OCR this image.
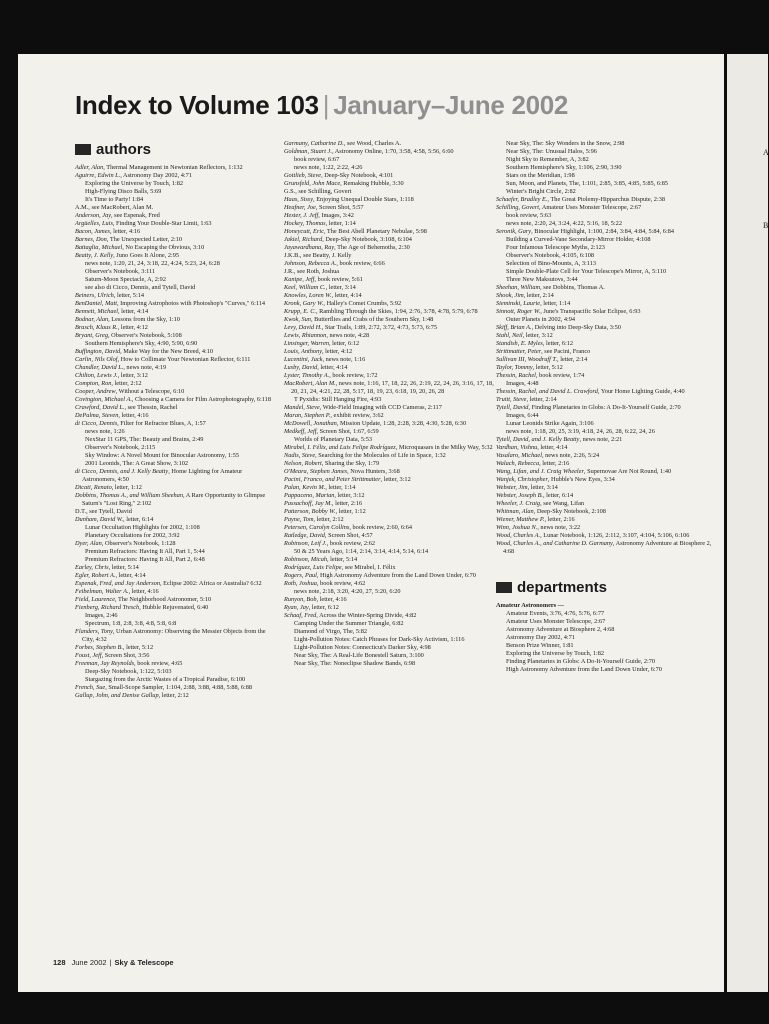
Index to Volume 103 | January–June 2002
authors
Adler, Alan, Thermal Management in Newtonian Reflectors, 1:132
Aguirre, Edwin L., Astronomy Day 2002, 4:71
Exploring the Universe by Touch, 1:82
High-Flying Disco Balls, 5:69
It's Time to Party! 1:84
A.M., see MacRobert, Alan M.
Anderson, Jay, see Espenak, Fred
Argüelles, Luis, Finding Your Double-Star Limit, 1:63
Bacon, James, letter, 4:16
Barnes, Don, The Unexpected Letter, 2:10
Battaglia, Michael, No Escaping the Obvious, 3:10
Beatty, J. Kelly, Juno Goes It Alone, 2:95
news note, 1:20, 21, 24, 3:18, 22, 4:24, 5:23, 24, 6:28
Observer's Notebook, 3:111
Saturn-Moon Spectacle, A, 2:92
see also di Cicco, Dennis, and Tytell, David
Beiners, Ulrich, letter, 5:14
BenDaniel, Matt, Improving Astrophotos with Photoshop's "Curves," 6:114
Bennett, Michael, letter, 4:14
Bodnar, Alan, Lessons from the Sky, 1:10
Brasch, Klaus R., letter, 4:12
Bryant, Greg, Observer's Notebook, 5:108
Southern Hemisphere's Sky, 4:90, 5:90, 6:90
Buffington, David, Make Way for the New Breed, 4:10
Carlin, Nils Olof, How to Collimate Your Newtonian Reflector, 6:111
Chandler, David L., news note, 4:19
Chilton, Lewis J., letter, 3:12
Compton, Ron, letter, 2:12
Cooper, Andrew, Without a Telescope, 6:10
Covington, Michael A., Choosing a Camera for Film Astrophotography, 6:118
Crawford, David L., see Thessin, Rachel
DePalma, Steven, letter, 4:16
di Cicco, Dennis, Filter for Refractor Blues, A, 1:57
news note, 1:26
NexStar 11 GPS, The: Beauty and Brains, 2:49
Observer's Notebook, 2:115
Sky Window: A Novel Mount for Binocular Astronomy, 1:55
2001 Leonids, The: A Great Show, 3:102
di Cicco, Dennis, and J. Kelly Beatty, Home Lighting for Amateur Astronomers, 4:50
Dicati, Renato, letter, 1:12
Dobbins, Thomas A., and William Sheehan, A Rare Opportunity to Glimpse Saturn's "Lost Ring," 2:102
D.T., see Tytell, David
Dunham, David W., letter, 6:14
Lunar Occultation Highlights for 2002, 1:108
Planetary Occultations for 2002, 3:92
Dyer, Alan, Observer's Notebook, 1:128
Premium Refractors: Having It All, Part 1, 5:44
Premium Refractors: Having It All, Part 2, 6:48
Earley, Chris, letter, 5:14
Egler, Robert A., letter, 4:14
Espenak, Fred, and Jay Anderson, Eclipse 2002: Africa or Australia? 6:32
Feibelman, Walter A., letter, 4:16
Field, Laurence, The Neighborhood Astronomer, 5:10
Fienberg, Richard Tresch, Hubble Rejuvenated, 6:40
Images, 2:46
Spectrum, 1:8, 2:8, 3:8, 4:8, 5:8, 6:8
Flanders, Tony, Urban Astronomy: Observing the Messier Objects from the City, 4:32
Forbes, Stephen B., letter, 5:12
Foust, Jeff, Screen Shot, 3:56
Freeman, Jay Reynolds, book review, 4:65
Deep-Sky Notebook, 1:122, 5:103
Stargazing from the Arctic Wastes of a Tropical Paradise, 6:100
French, Sue, Small-Scope Sampler, 1:104, 2:88, 3:88, 4:88, 5:88, 6:88
Gallup, John, and Denise Gallup, letter, 2:12
Garmany, Catharine D., see Wood, Charles A.
Goldman, Stuart J., Astronomy Online, 1:70, 3:58, 4:58, 5:56, 6:60
book review, 6:67
news note, 1:22, 2:22, 4:26
Gottlieb, Steve, Deep-Sky Notebook, 4:101
Grunsfeld, John Mace, Remaking Hubble, 3:30
G.S., see Schilling, Govert
Haas, Sissy, Enjoying Unequal Double Stars, 1:118
Heafner, Joe, Screen Shot, 5:57
Hester, J. Jeff, Images, 3:42
Hockey, Thomas, letter, 1:14
Honeycutt, Eric, The Best Abell Planetary Nebulae, 5:98
Jakiel, Richard, Deep-Sky Notebook, 3:108, 6:104
Jayawardhana, Ray, The Age of Behemoths, 2:30
J.K.B., see Beatty, J. Kelly
Johnson, Rebecca A., book review, 6:66
J.R., see Roth, Joshua
Kanipe, Jeff, book review, 5:61
Keel, William C., letter, 3:14
Knowles, Loren W., letter, 4:14
Kronk, Gary W., Halley's Comet Crumbs, 5:92
Krupp, E. C., Rambling Through the Skies, 1:94, 2:76, 3:78, 4:78, 5:79, 6:78
Kwok, Sun, Butterflies and Crabs of the Southern Sky, 1:48
Levy, David H., Star Trails, 1:89, 2:72, 3:72, 4:73, 5:73, 6:75
Lewis, Rhiannon, news note, 4:28
Linsinger, Warren, letter, 6:12
Louis, Anthony, letter, 4:12
Lucentini, Jack, news note, 1:16
Lusby, David, letter, 4:14
Lyster, Timothy A., book review, 1:72
MacRobert, Alan M., news note, 1:16, 17, 18, 22, 26, 2:19, 22, 24, 26, 3:16, 17, 18, 20, 21, 24, 4:21, 22, 28, 5:17, 18, 19, 23, 6:18, 19, 20, 26, 28
T Pyxidis: Still Hanging Fire, 4:93
Mandel, Steve, Wide-Field Imaging with CCD Cameras, 2:117
Maran, Stephen P., exhibit review, 3:62
McDowell, Jonathan, Mission Update, 1:28, 2:28, 3:28, 4:30, 5:28, 6:30
Medkeff, Jeff, Screen Shot, 1:67, 6:59
Worlds of Planetary Data, 5:53
Mirabel, I. Félix, and Luis Felipe Rodríguez, Microquasars in the Milky Way, 5:32
Nadis, Steve, Searching for the Molecules of Life in Space, 1:32
Nelson, Robert, Sharing the Sky, 1:79
O'Meara, Stephen James, Nova Hunters, 3:68
Pacini, Franco, and Peter Strittmatter, letter, 3:12
Palan, Kevin M., letter, 1:14
Pappaceno, Marian, letter, 3:12
Passachoff, Jay M., letter, 2:16
Patterson, Bobby W., letter, 1:12
Payne, Tom, letter, 2:12
Petersen, Carolyn Collins, book review, 2:60, 6:64
Ratledge, David, Screen Shot, 4:57
Robinson, Leif J., book review, 2:62
50 & 25 Years Ago, 1:14, 2:14, 3:14, 4:14, 5:14, 6:14
Robinson, Micah, letter, 5:14
Rodríguez, Luis Felipe, see Mirabel, I. Félix
Rogers, Paul, High Astronomy Adventure from the Land Down Under, 6:70
Roth, Joshua, book review, 4:62
news note, 2:18, 3:20, 4:20, 27, 5:20, 6:20
Runyon, Bob, letter, 4:16
Ryan, Jay, letter, 6:12
Schaaf, Fred, Across the Winter-Spring Divide, 4:82
Camping Under the Summer Triangle, 6:82
Diamond of Virgo, The, 5:82
Light-Pollution Notes: Catch Phrases for Dark-Sky Activism, 1:116
Light-Pollution Notes: Connecticut's Darker Sky, 4:98
Near Sky, The: A Real-Life Bonestell Saturn, 3:100
Near Sky, The: Noneclipse Shadow Bands, 6:98
Near Sky, The: Sky Wonders in the Snow, 2:98
Near Sky, The: Unusual Halos, 5:96
Night Sky to Remember, A, 3:82
Southern Hemisphere's Sky, 1:106, 2:90, 3:90
Stars on the Meridian, 1:98
Sun, Moon, and Planets, The, 1:101, 2:85, 3:85, 4:85, 5:85, 6:85
Winter's Bright Circle, 2:82
Schaefer, Bradley E., The Great Ptolemy-Hipparchus Dispute, 2:38
Schilling, Govert, Amateur Uses Monster Telescope, 2:67
book review, 5:63
news note, 2:20, 24, 3:24, 4:22, 5:16, 18, 5:22
Seronik, Gary, Binocular Highlight, 1:100, 2:84, 3:84, 4:84, 5:84, 6:84
Building a Curved-Vane Secondary-Mirror Holder, 4:108
Four Infamous Telescope Myths, 2:123
Observer's Notebook, 4:105, 6:108
Selection of Bino-Mounts, A, 3:113
Simple Double-Plate Cell for Your Telescope's Mirror, A, 5:110
Three New Maksutovs, 3:44
Sheehan, William, see Dobbins, Thomas A.
Shook, Jim, letter, 2:14
Sieminski, Laurie, letter, 1:14
Sinnott, Roger W., June's Transpacific Solar Eclipse, 6:93
Outer Planets in 2002, 4:94
Skiff, Brian A., Delving into Deep-Sky Data, 3:50
Stahl, Neil, letter, 3:12
Standish, E. Myles, letter, 6:12
Strittmatter, Peter, see Pacini, Franco
Sullivan III, Woodruff T., letter, 2:14
Taylor, Tommy, letter, 5:12
Thessin, Rachel, book review, 1:74
Images, 4:48
Thessin, Rachel, and David L. Crawford, Your Home Lighting Guide, 4:40
Truitt, Steve, letter, 2:14
Tytell, David, Finding Planetaries in Globs: A Do-It-Yourself Guide, 2:70
Images, 6:44
Lunar Leonids Strike Again, 3:106
news note, 1:18, 20, 25, 3:19, 4:18, 24, 26, 28, 6:22, 24, 26
Tytell, David, and J. Kelly Beatty, news note, 2:21
Vardhan, Vishnu, letter, 4:14
Vasalaro, Michael, news note, 2:26, 5:24
Walach, Rebecca, letter, 2:16
Wang, Lifan, and J. Craig Wheeler, Supernovae Are Not Round, 1:40
Wanjek, Christopher, Hubble's New Eyes, 3:34
Webster, Jim, letter, 3:14
Webster, Joseph B., letter, 6:14
Wheeler, J. Craig, see Wang, Lifan
Whitman, Alan, Deep-Sky Notebook, 2:108
Wiener, Matthew P., letter, 2:16
Winn, Joshua N., news note, 3:22
Wood, Charles A., Lunar Notebook, 1:126, 2:112, 3:107, 4:104, 5:106, 6:106
Wood, Charles A., and Catharine D. Garmany, Astronomy Adventure at Biosphere 2, 4:68
departments
Amateur Astronomers —
Amateur Events, 3:76, 4:76, 5:76, 6:77
Amateur Uses Monster Telescope, 2:67
Astronomy Adventure at Biosphere 2, 4:68
Astronomy Day 2002, 4:71
Benson Prize Winner, 1:81
Exploring the Universe by Touch, 1:82
Finding Planetaries in Globs: A Do-It-Yourself Guide, 2:70
High Astronomy Adventure from the Land Down Under, 6:70
128 June 2002 | Sky & Telescope
A
B
